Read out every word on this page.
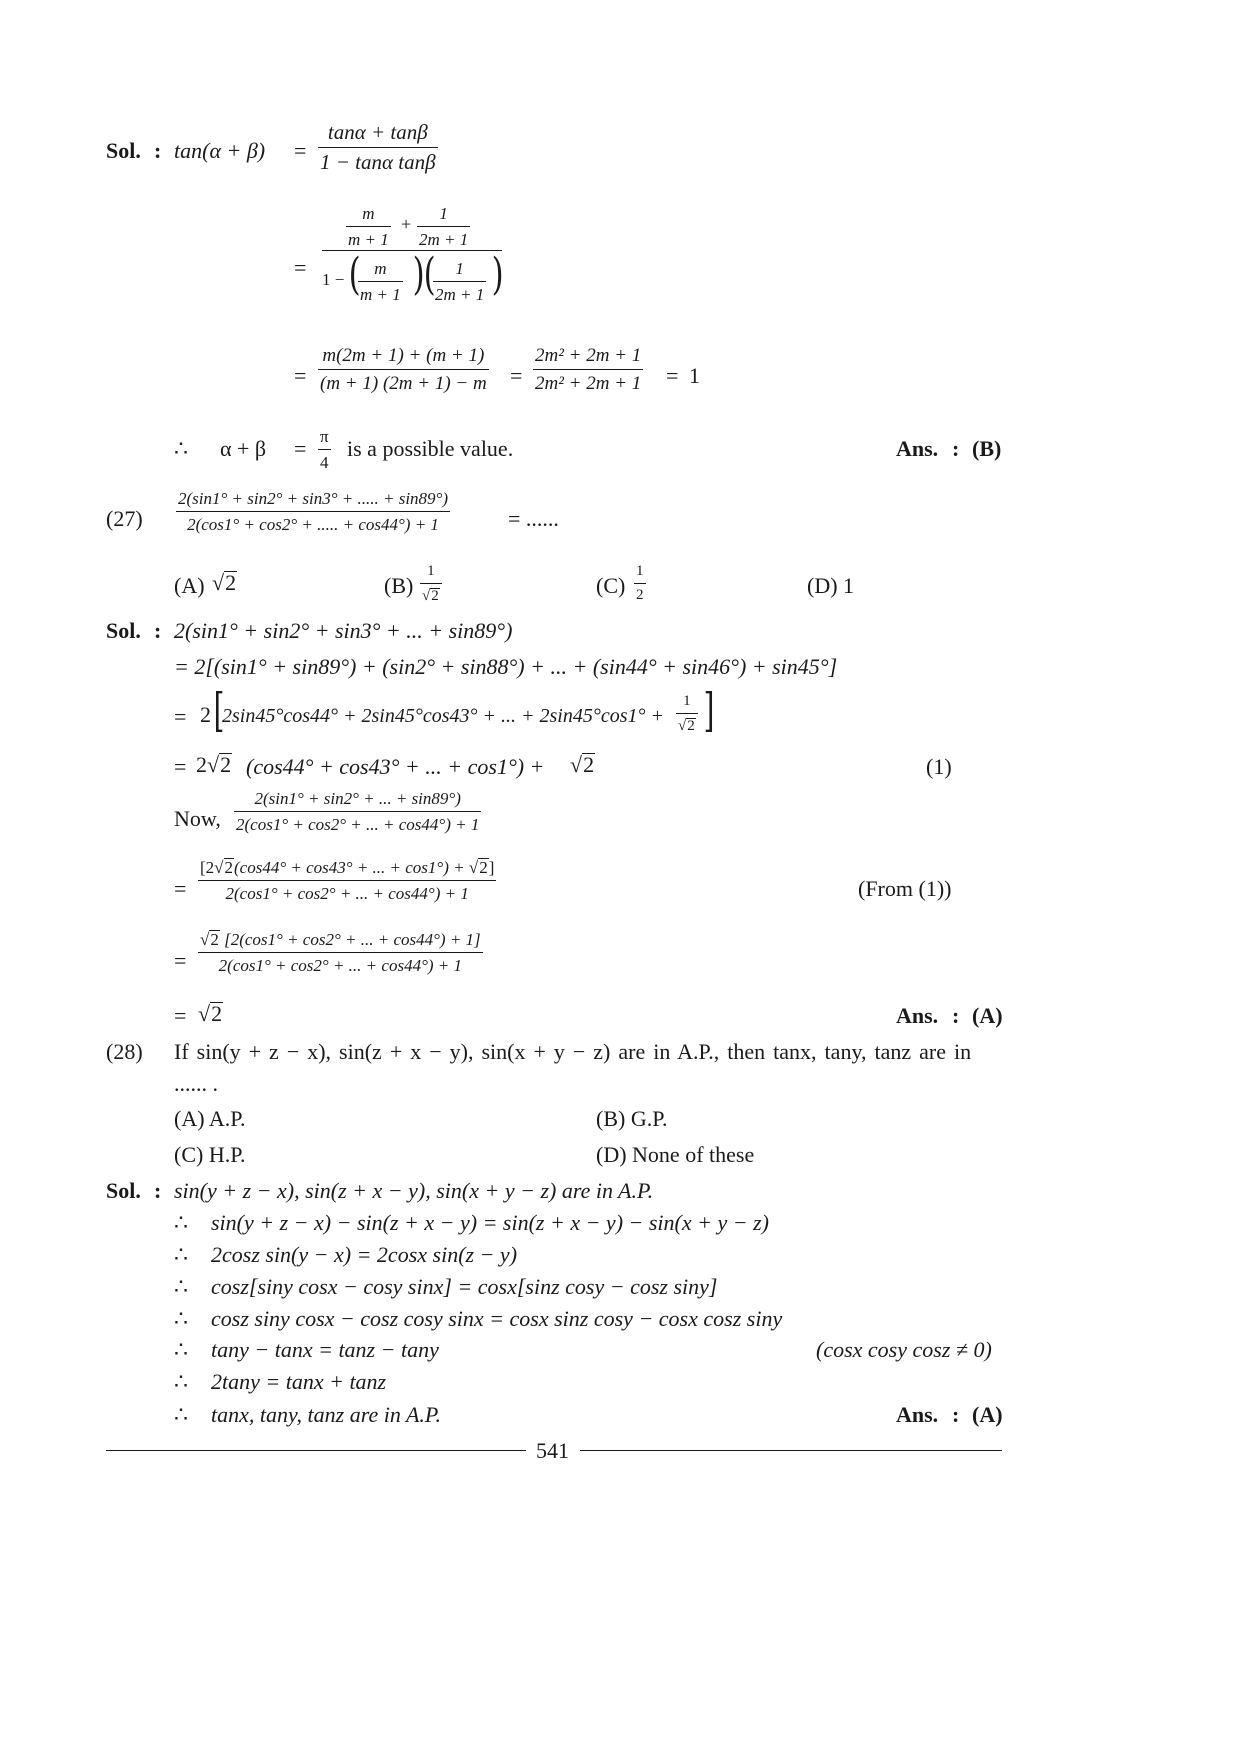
Sol. : tan(α + β) =
tanα + tanβ
1 − tanα tanβ
=
m
m + 1
+
1
2m + 1
1 − ( m
m + 1 )
( 1
2m + 1 )
=
m(2m + 1) + (m + 1)
(m + 1) (2m + 1) − m =
2m² + 2m + 1
2m² + 2m + 1 = 1
∴ α + β = π
4
is a possible value.	Ans. : (B)
(27)
2(sin1° + sin2° + sin3° + ..... + sin89°)
2(cos1° + cos2° + ..... + cos44°) + 1	= ......
(A) √2	(B)
1
√2	(C)
1
2	(D) 1
Sol. : 2(sin1° + sin2° + sin3° + ... + sin89°)
= 2[(sin1° + sin89°) + (sin2° + sin88°) + ... + (sin44° + sin46°) + sin45°]
= 2 [
2sin45°cos44° + 2sin45°cos43° + ... + 2sin45°cos1° +
1
√2 ]
= 2√2 (cos44° + cos43° + ... + cos1°) + √2	(1)
Now,
2(sin1° + sin2° + ... + sin89°)
2(cos1° + cos2° + ... + cos44°) + 1
=
[2√2(cos44° + cos43° + ... + cos1°) + √2]
2(cos1° + cos2° + ... + cos44°) + 1	(From (1))
=
√2 [2(cos1° + cos2° + ... + cos44°) + 1]
2(cos1° + cos2° + ... + cos44°) + 1
= √2	Ans. : (A)
(28) If sin(y + z − x), sin(z + x − y), sin(x + y − z) are in A.P., then tanx, tany, tanz are in
...... .
(A) A.P.	(B) G.P.
(C) H.P.	(D) None of these
Sol. : sin(y + z − x), sin(z + x − y), sin(x + y − z) are in A.P.
∴ sin(y + z − x) − sin(z + x − y) = sin(z + x − y) − sin(x + y − z)
∴ 2cosz sin(y − x) = 2cosx sin(z − y)
∴ cosz[siny cosx − cosy sinx] = cosx[sinz cosy − cosz siny]
∴ cosz siny cosx − cosz cosy sinx = cosx sinz cosy − cosx cosz siny
∴ tany − tanx = tanz − tany	(cosx cosy cosz ≠ 0)
∴ 2tany = tanx + tanz
∴ tanx, tany, tanz are in A.P.	Ans. : (A)
541
